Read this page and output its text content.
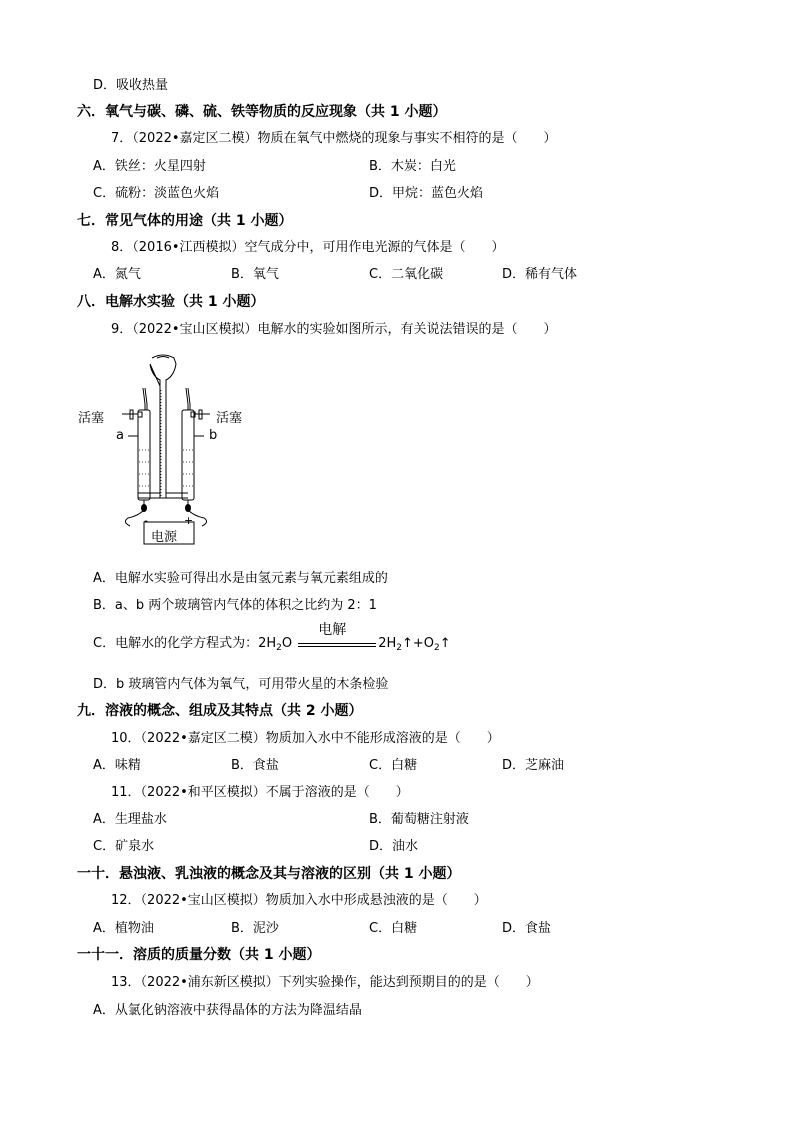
D．吸收热量
六．氧气与碳、磷、硫、铁等物质的反应现象（共 1 小题）
7．（2022•嘉定区二模）物质在氧气中燃烧的现象与事实不相符的是（　　）
A．铁丝：火星四射	B．木炭：白光
C．硫粉：淡蓝色火焰	D．甲烷：蓝色火焰
七．常见气体的用途（共 1 小题）
8．（2016•江西模拟）空气成分中，可用作电光源的气体是（　　）
A．氮气	B．氧气	C．二氧化碳	D．稀有气体
八．电解水实验（共 1 小题）
9．（2022•宝山区模拟）电解水的实验如图所示，有关说法错误的是（　　）
活塞	活塞
a	b
-	+
电源
A．电解水实验可得出水是由氢元素与氧元素组成的
B．a、b 两个玻璃管内气体的体积之比约为 2：1
C．电解水的化学方程式为：$2H_2O$
电解
$2H_2↑+O_2↑$
D．b 玻璃管内气体为氧气，可用带火星的木条检验
九．溶液的概念、组成及其特点（共 2 小题）
10．（2022•嘉定区二模）物质加入水中不能形成溶液的是（　　）
A．味精	B．食盐	C．白糖	D．芝麻油
11．（2022•和平区模拟）不属于溶液的是（　　）
A．生理盐水	B．葡萄糖注射液
C．矿泉水	D．油水
一十．悬浊液、乳浊液的概念及其与溶液的区别（共 1 小题）
12．（2022•宝山区模拟）物质加入水中形成悬浊液的是（　　）
A．植物油	B．泥沙	C．白糖	D．食盐
一十一．溶质的质量分数（共 1 小题）
13．（2022•浦东新区模拟）下列实验操作，能达到预期目的的是（　　）
A．从氯化钠溶液中获得晶体的方法为降温结晶
